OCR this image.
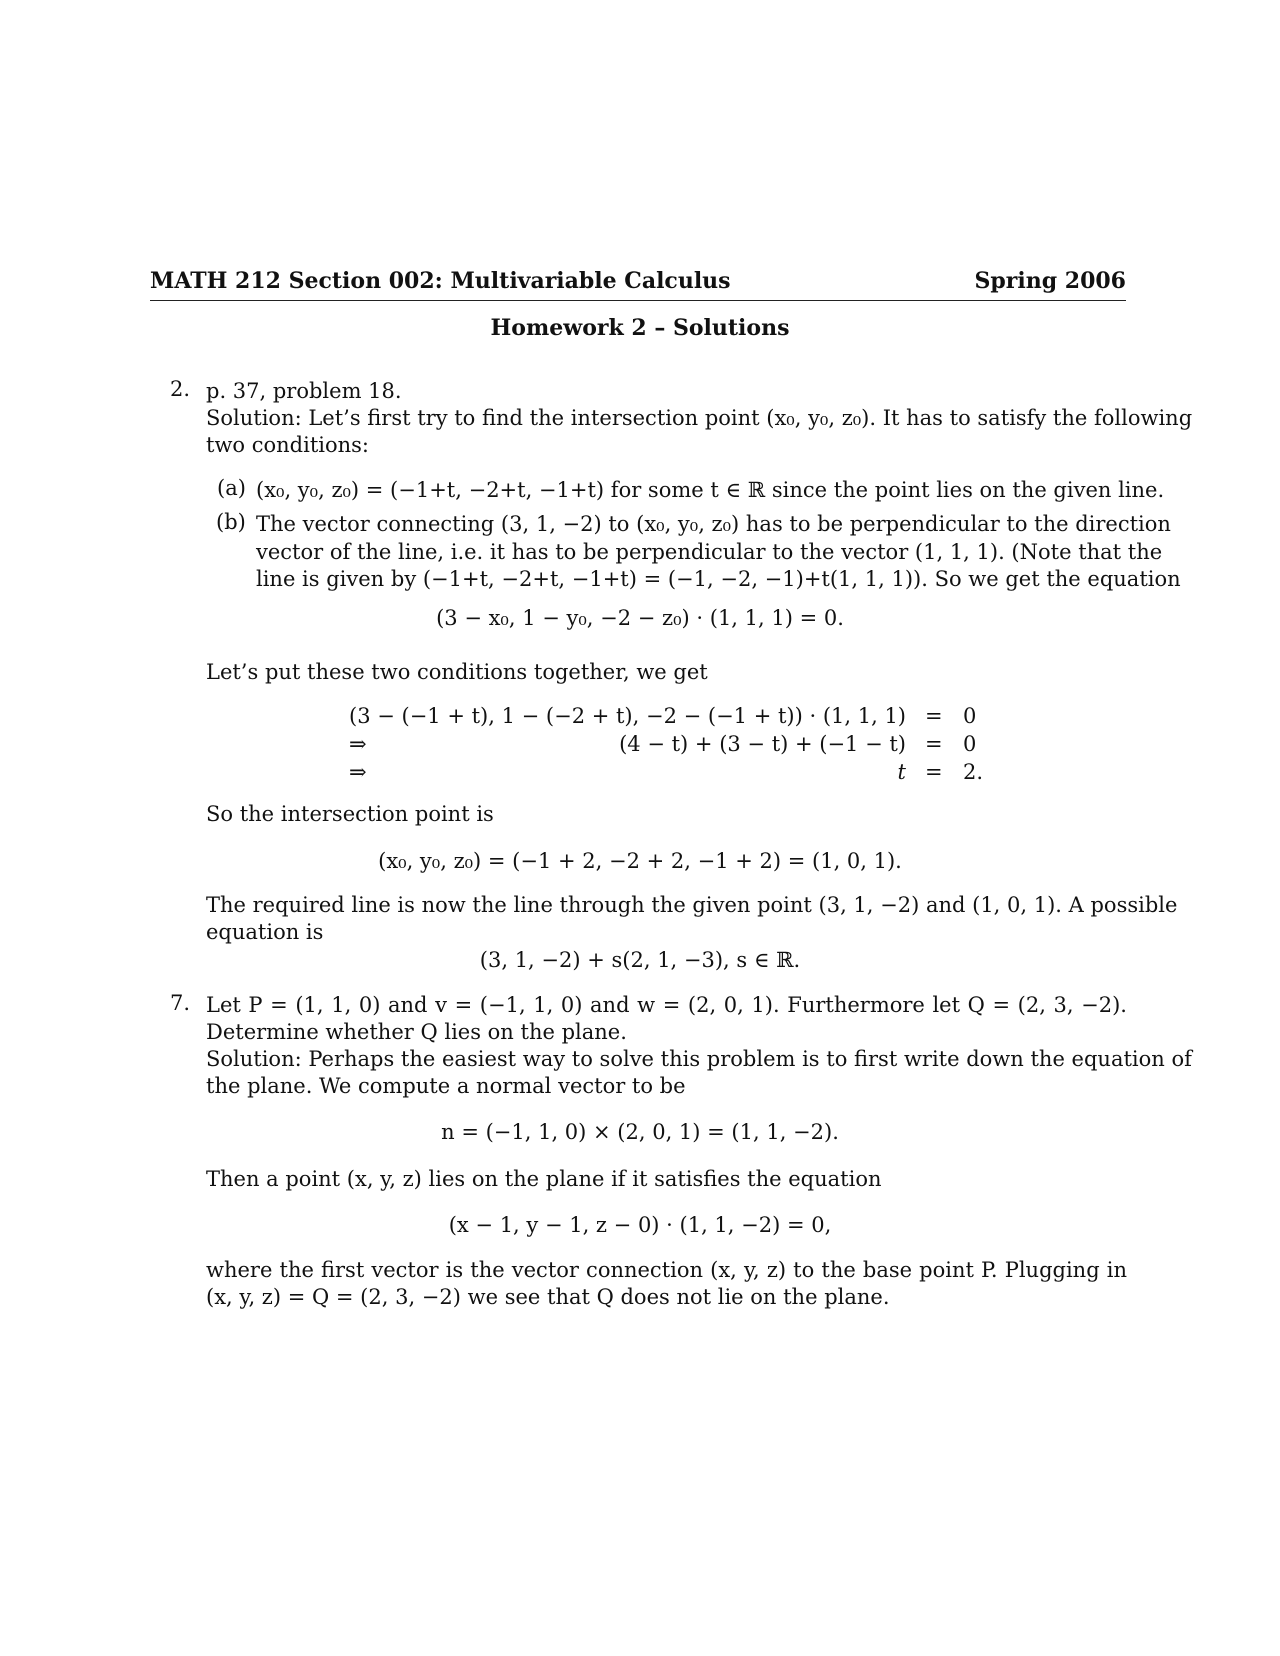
MATH 212 Section 002: Multivariable Calculus	Spring 2006
Homework 2 – Solutions
2. p. 37, problem 18.
Solution: Let’s first try to find the intersection point (x₀, y₀, z₀). It has to satisfy the following
two conditions:
(a) (x₀, y₀, z₀) = (−1+t, −2+t, −1+t) for some t ∈ ℝ since the point lies on the given line.
(b) The vector connecting (3, 1, −2) to (x₀, y₀, z₀) has to be perpendicular to the direction
vector of the line, i.e. it has to be perpendicular to the vector (1, 1, 1). (Note that the
line is given by (−1+t, −2+t, −1+t) = (−1, −2, −1)+t(1, 1, 1)). So we get the equation
(3 − x₀, 1 − y₀, −2 − z₀) · (1, 1, 1) = 0.
Let’s put these two conditions together, we get
(3 − (−1 + t), 1 − (−2 + t), −2 − (−1 + t)) · (1, 1, 1) = 0
⇒	(4 − t) + (3 − t) + (−1 − t) = 0
⇒	t = 2.
So the intersection point is
(x₀, y₀, z₀) = (−1 + 2, −2 + 2, −1 + 2) = (1, 0, 1).
The required line is now the line through the given point (3, 1, −2) and (1, 0, 1). A possible
equation is
(3, 1, −2) + s(2, 1, −3), s ∈ ℝ.
7. Let P = (1, 1, 0) and v = (−1, 1, 0) and w = (2, 0, 1). Furthermore let Q = (2, 3, −2).
Determine whether Q lies on the plane.
Solution: Perhaps the easiest way to solve this problem is to first write down the equation of
the plane. We compute a normal vector to be
n = (−1, 1, 0) × (2, 0, 1) = (1, 1, −2).
Then a point (x, y, z) lies on the plane if it satisfies the equation
(x − 1, y − 1, z − 0) · (1, 1, −2) = 0,
where the first vector is the vector connection (x, y, z) to the base point P. Plugging in
(x, y, z) = Q = (2, 3, −2) we see that Q does not lie on the plane.
